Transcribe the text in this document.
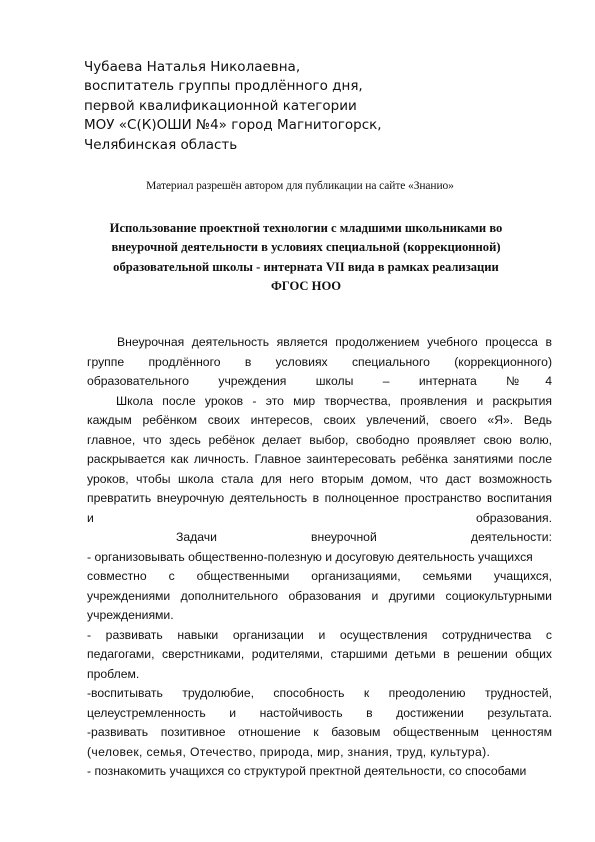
Чубаева Наталья Николаевна,
воспитатель группы продлённого дня,
первой квалификационной категории
МОУ «С(К)ОШИ №4» город Магнитогорск,
Челябинская область
Материал разрешён автором для публикации на сайте «Знанио»
Использование проектной технологии с младшими школьниками во
внеурочной деятельности в условиях специальной (коррекционной)
образовательной школы - интерната VII вида в рамках реализации
ФГОС НОО
Внеурочная деятельность является продолжением учебного процесса в
группе продлённого в условиях специального (коррекционного)
образовательного учреждения школы – интерната №4
Школа после уроков - это мир творчества, проявления и раскрытия
каждым ребёнком своих интересов, своих увлечений, своего «Я». Ведь
главное, что здесь ребёнок делает выбор, свободно проявляет свою волю,
раскрывается как личность. Главное заинтересовать ребёнка занятиями после
уроков, чтобы школа стала для него вторым домом, что даст возможность
превратить внеурочную деятельность в полноценное пространство воспитания
и	образования.
Задачи внеурочной деятельности:
- организовывать общественно-полезную и досуговую деятельность учащихся
совместно с общественными организациями, семьями учащихся,
учреждениями дополнительного образования и другими социокультурными
учреждениями.
- развивать навыки организации и осуществления сотрудничества с
педагогами, сверстниками, родителями, старшими детьми в решении общих
проблем.
-воспитывать трудолюбие, способность к преодолению трудностей,
целеустремленность и настойчивость в достижении результата.
-развивать позитивное отношение к базовым общественным ценностям
(человек, семья, Отечество, природа, мир, знания, труд, культура).
- познакомить учащихся со структурой пректной деятельности, со способами
